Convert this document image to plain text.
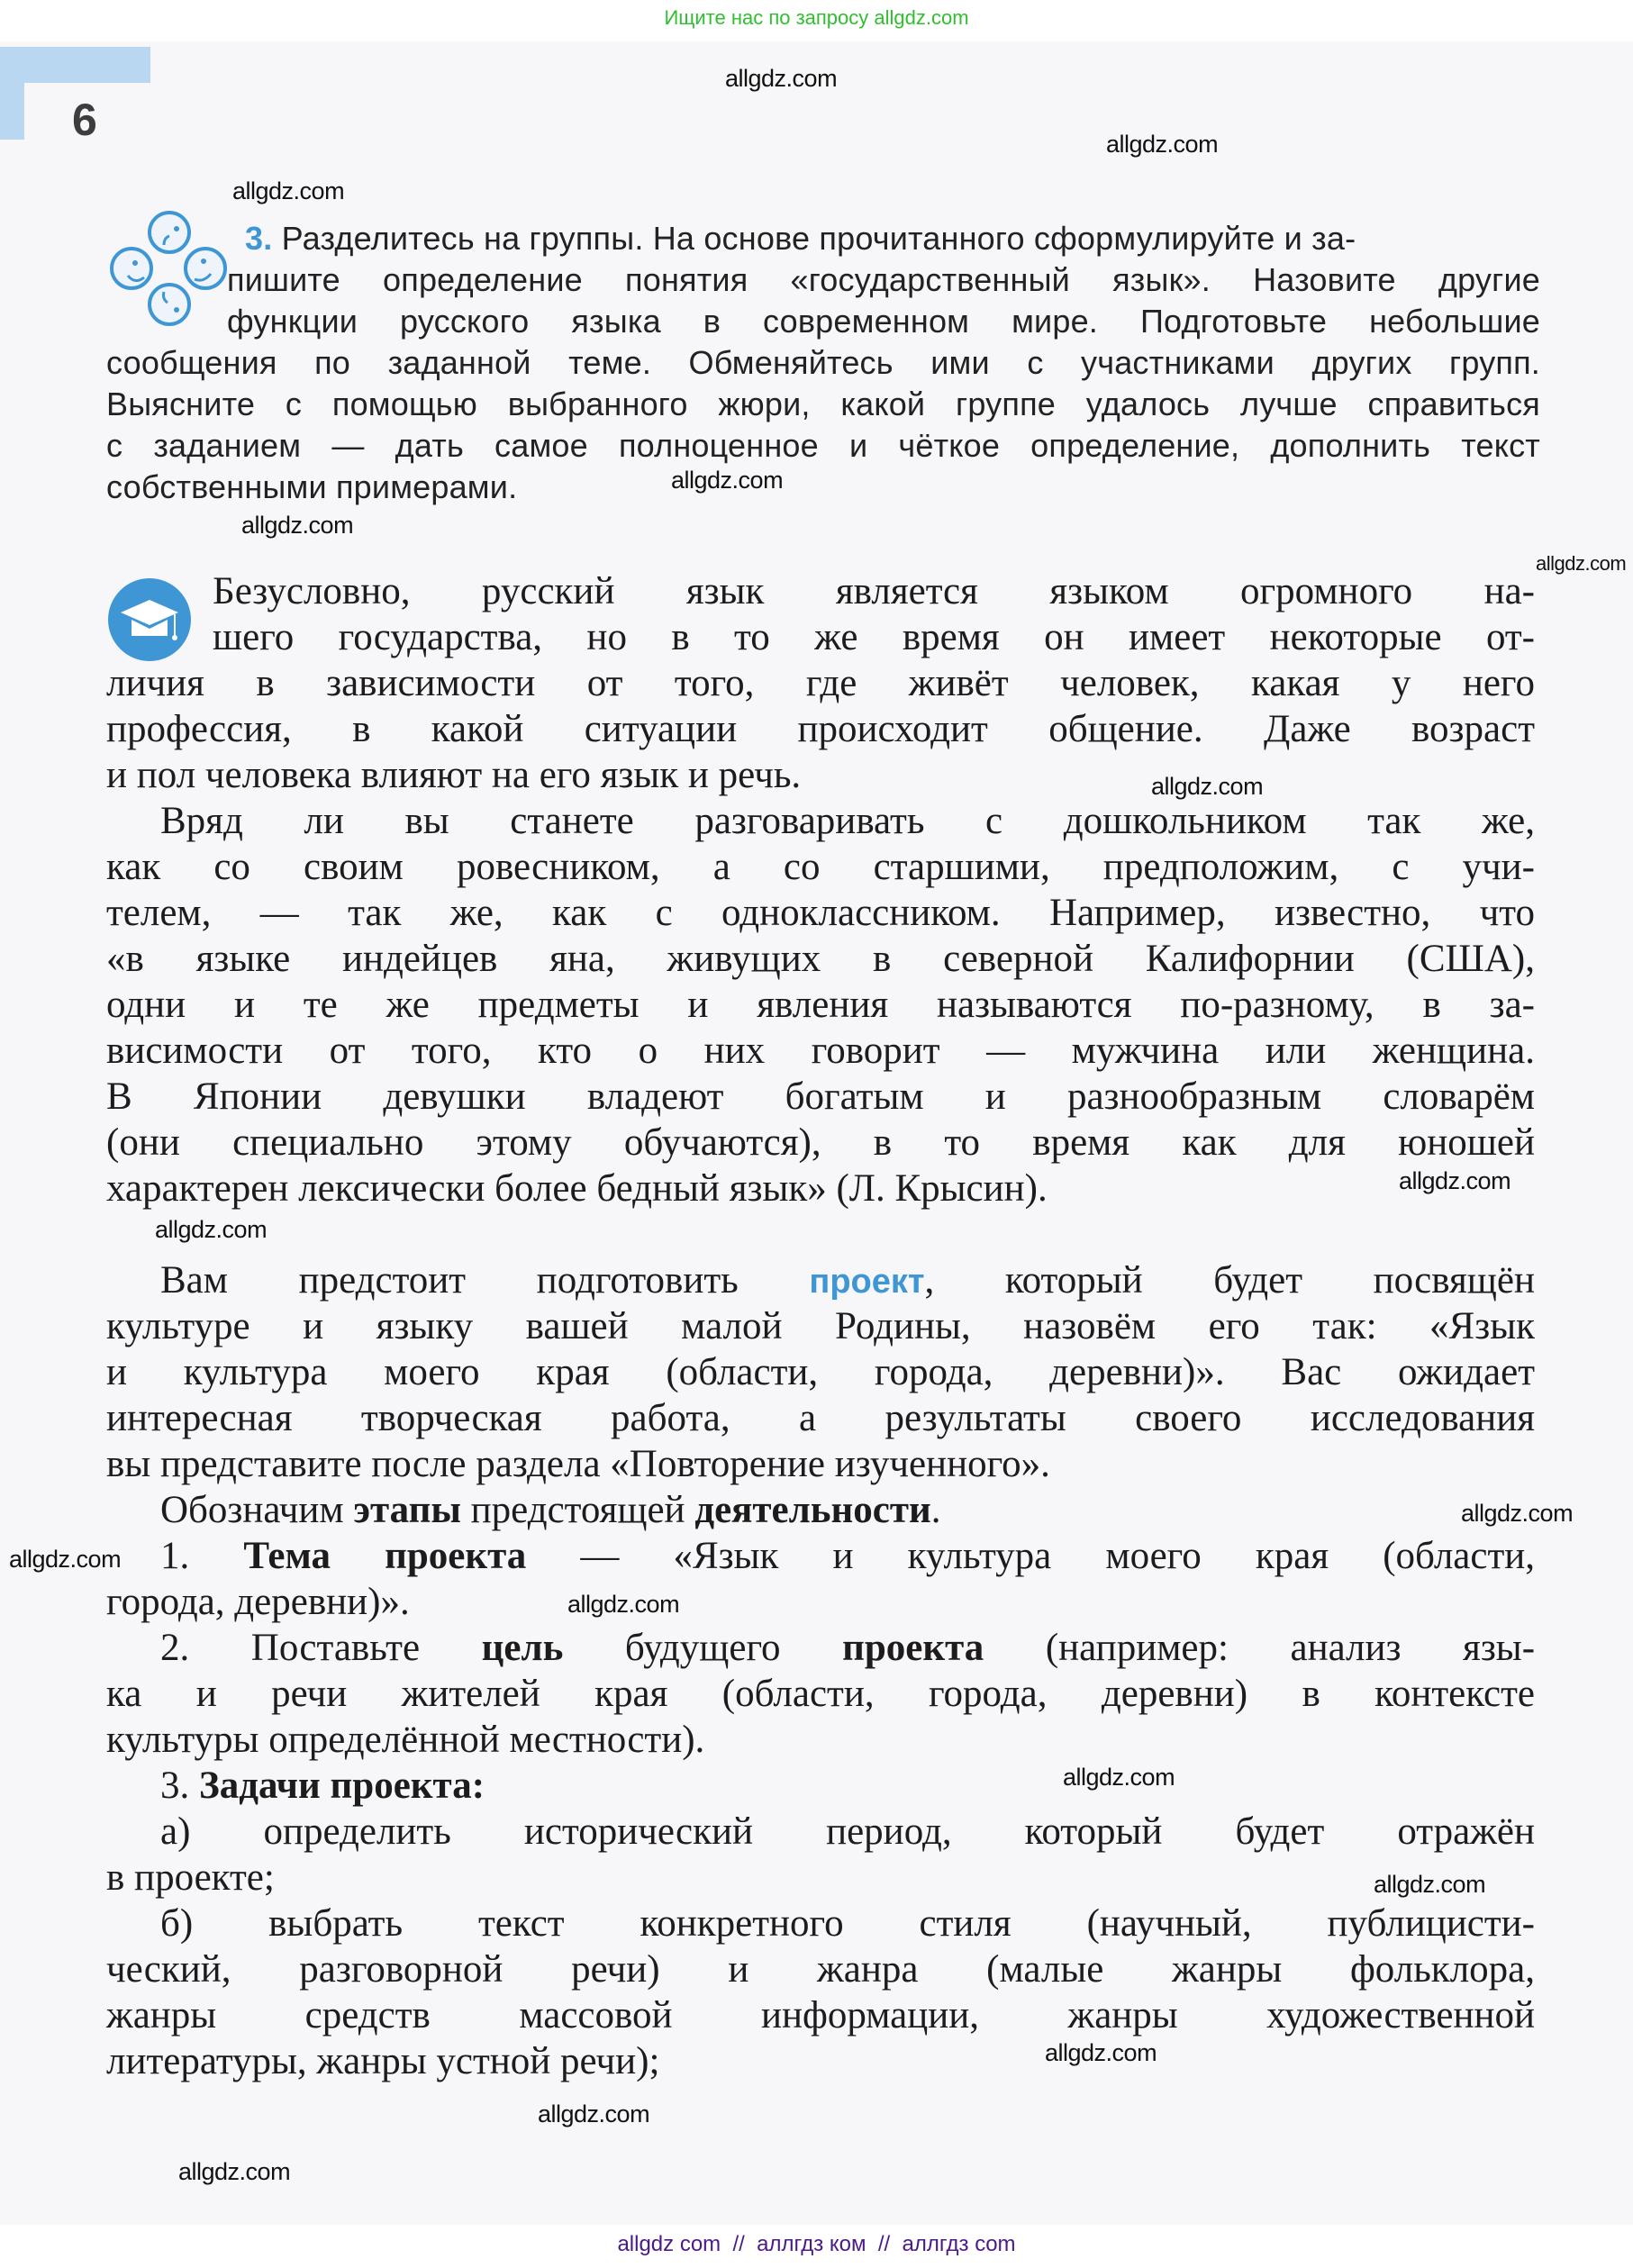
Ищите нас по запросу allgdz.com
6
3. Разделитесь на группы. На основе прочитанного сформулируйте и за-
пишите определение понятия «государственный язык». Назовите другие
функции русского языка в современном мире. Подготовьте небольшие
сообщения по заданной теме. Обменяйтесь ими с участниками других групп.
Выясните с помощью выбранного жюри, какой группе удалось лучше справиться
с заданием — дать самое полноценное и чёткое определение, дополнить текст
собственными примерами.
Безусловно, русский язык является языком огромного на-
шего государства, но в то же время он имеет некоторые от-
личия в зависимости от того, где живёт человек, какая у него
профессия, в какой ситуации происходит общение. Даже возраст
и пол человека влияют на его язык и речь.
Вряд ли вы станете разговаривать с дошкольником так же,
как со своим ровесником, а со старшими, предположим, с учи-
телем, — так же, как с одноклассником. Например, известно, что
«в языке индейцев яна, живущих в северной Калифорнии (США),
одни и те же предметы и явления называются по-разному, в за-
висимости от того, кто о них говорит — мужчина или женщина.
В Японии девушки владеют богатым и разнообразным словарём
(они специально этому обучаются), в то время как для юношей
характерен лексически более бедный язык» (Л. Крысин).
Вам предстоит подготовить проект, который будет посвящён
культуре и языку вашей малой Родины, назовём его так: «Язык
и культура моего края (области, города, деревни)». Вас ожидает
интересная творческая работа, а результаты своего исследования
вы представите после раздела «Повторение изученного».
Обозначим этапы предстоящей деятельности.
1. Тема проекта — «Язык и культура моего края (области,
города, деревни)».
2. Поставьте цель будущего проекта (например: анализ язы-
ка и речи жителей края (области, города, деревни) в контексте
культуры определённой местности).
3. Задачи проекта:
а) определить исторический период, который будет отражён
в проекте;
б) выбрать текст конкретного стиля (научный, публицисти-
ческий, разговорной речи) и жанра (малые жанры фольклора,
жанры средств массовой информации, жанры художественной
литературы, жанры устной речи);
allgdz.com
allgdz.com
allgdz.com
allgdz.com
allgdz.com
allgdz.com
allgdz.com
allgdz.com
allgdz.com
allgdz.com
allgdz.com
allgdz.com
allgdz.com
allgdz.com
allgdz.com
allgdz.com
allgdz.com
allgdz com  //  аллгдз ком  //  аллгдз com
